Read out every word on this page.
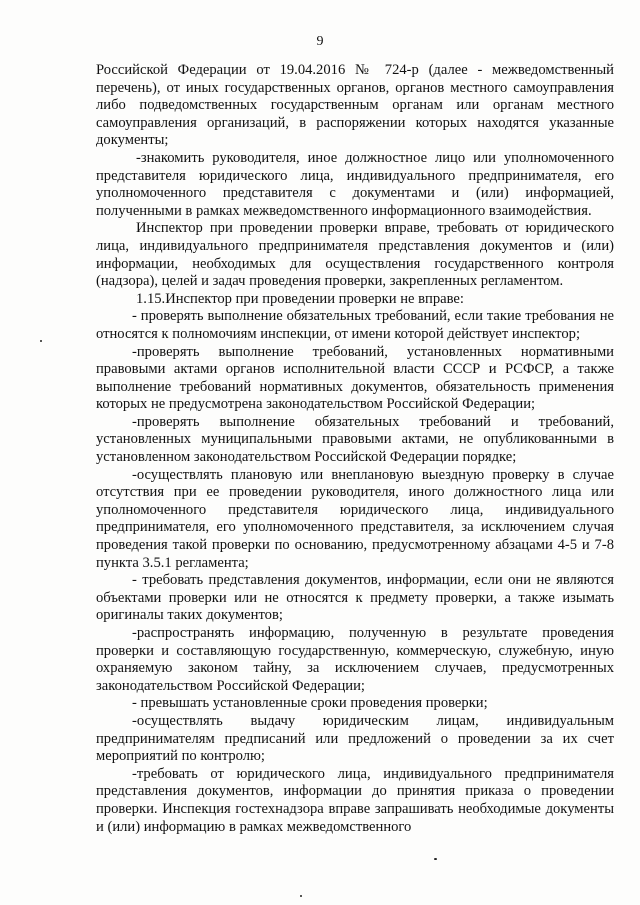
9

Российской Федерации от 19.04.2016 № 724-р (далее - межведомственный перечень), от иных государственных органов, органов местного самоуправления либо подведомственных государственным органам или органам местного самоуправления организаций, в распоряжении которых находятся указанные документы;

-знакомить руководителя, иное должностное лицо или уполномоченного представителя юридического лица, индивидуального предпринимателя, его уполномоченного представителя с документами и (или) информацией, полученными в рамках межведомственного информационного взаимодействия.

Инспектор при проведении проверки вправе, требовать от юридического лица, индивидуального предпринимателя представления документов и (или) информации, необходимых для осуществления государственного контроля (надзора), целей и задач проведения проверки, закрепленных регламентом.

1.15.Инспектор при проведении проверки не вправе:

- проверять выполнение обязательных требований, если такие требования не относятся к полномочиям инспекции, от имени которой действует инспектор;

-проверять выполнение требований, установленных нормативными правовыми актами органов исполнительной власти СССР и РСФСР, а также выполнение требований нормативных документов, обязательность применения которых не предусмотрена законодательством Российской Федерации;

-проверять выполнение обязательных требований и требований, установленных муниципальными правовыми актами, не опубликованными в установленном законодательством Российской Федерации порядке;

-осуществлять плановую или внеплановую выездную проверку в случае отсутствия при ее проведении руководителя, иного должностного лица или уполномоченного представителя юридического лица, индивидуального предпринимателя, его уполномоченного представителя, за исключением случая проведения такой проверки по основанию, предусмотренному абзацами 4-5 и 7-8 пункта 3.5.1 регламента;

- требовать представления документов, информации, если они не являются объектами проверки или не относятся к предмету проверки, а также изымать оригиналы таких документов;

-распространять информацию, полученную в результате проведения проверки и составляющую государственную, коммерческую, служебную, иную охраняемую законом тайну, за исключением случаев, предусмотренных законодательством Российской Федерации;

- превышать установленные сроки проведения проверки;

-осуществлять выдачу юридическим лицам, индивидуальным предпринимателям предписаний или предложений о проведении за их счет мероприятий по контролю;

-требовать от юридического лица, индивидуального предпринимателя представления документов, информации до принятия приказа о проведении проверки. Инспекция гостехнадзора вправе запрашивать необходимые документы и (или) информацию в рамках межведомственного
